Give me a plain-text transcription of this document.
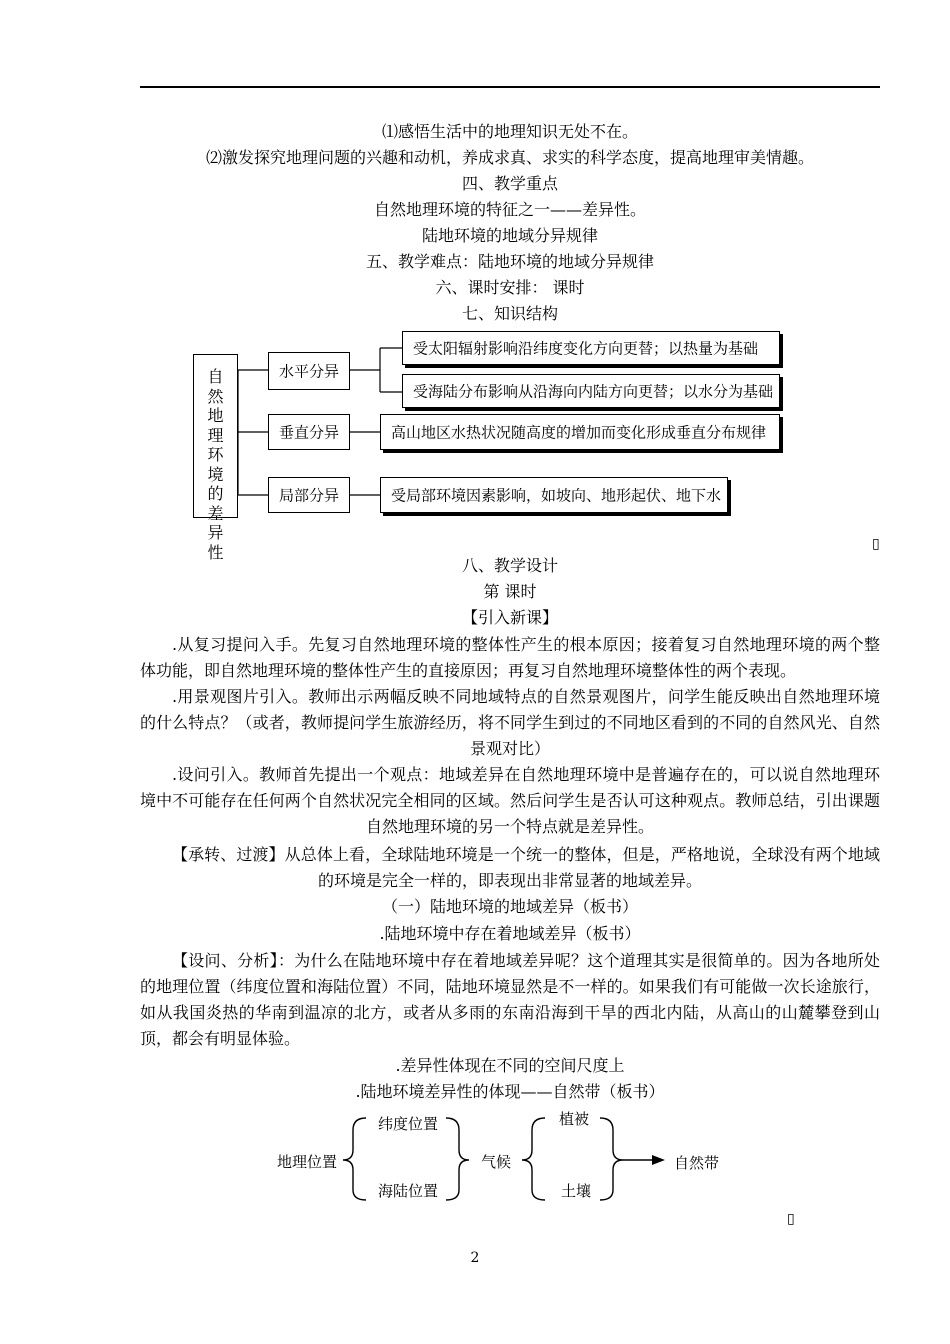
⑴感悟生活中的地理知识无处不在。
⑵激发探究地理问题的兴趣和动机，养成求真、求实的科学态度，提高地理审美情趣。
四、教学重点
自然地理环境的特征之一——差异性。
陆地环境的地域分异规律
五、教学难点：陆地环境的地域分异规律
六、课时安排： 课时
七、知识结构
自然地理环境的差异性
水平分异
垂直分异
局部分异
受太阳辐射影响沿纬度变化方向更替；以热量为基础
受海陆分布影响从沿海向内陆方向更替；以水分为基础
高山地区水热状况随高度的增加而变化形成垂直分布规律
受局部环境因素影响，如坡向、地形起伏、地下水
▯
八、教学设计
第 课时
【引入新课】
.从复习提问入手。先复习自然地理环境的整体性产生的根本原因；接着复习自然地理环境的两个整体功能，即自然地理环境的整体性产生的直接原因；再复习自然地理环境整体性的两个表现。
.用景观图片引入。教师出示两幅反映不同地域特点的自然景观图片，问学生能反映出自然地理环境的什么特点？（或者，教师提问学生旅游经历，将不同学生到过的不同地区看到的不同的自然风光、自然景观对比）
.设问引入。教师首先提出一个观点：地域差异在自然地理环境中是普遍存在的，可以说自然地理环境中不可能存在任何两个自然状况完全相同的区域。然后问学生是否认可这种观点。教师总结，引出课题自然地理环境的另一个特点就是差异性。
【承转、过渡】从总体上看，全球陆地环境是一个统一的整体，但是，严格地说，全球没有两个地域的环境是完全一样的，即表现出非常显著的地域差异。
（一）陆地环境的地域差异（板书）
.陆地环境中存在着地域差异（板书）
【设问、分析】：为什么在陆地环境中存在着地域差异呢？这个道理其实是很简单的。因为各地所处的地理位置（纬度位置和海陆位置）不同，陆地环境显然是不一样的。如果我们有可能做一次长途旅行，如从我国炎热的华南到温凉的北方，或者从多雨的东南沿海到干旱的西北内陆，从高山的山麓攀登到山顶，都会有明显体验。
.差异性体现在不同的空间尺度上
.陆地环境差异性的体现——自然带（板书）
地理位置
纬度位置
海陆位置
气候
植被
土壤
自然带
▯
2
